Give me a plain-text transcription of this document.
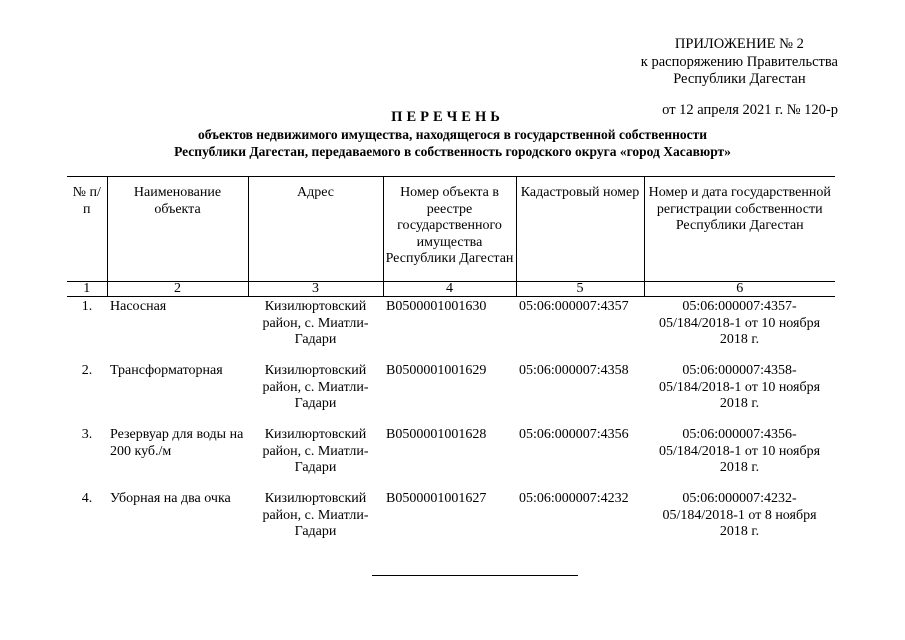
ПРИЛОЖЕНИЕ № 2
к распоряжению Правительства
Республики Дагестан
от 12 апреля 2021 г. № 120-р
ПЕРЕЧЕНЬ
объектов недвижимого имущества, находящегося в государственной собственности
Республики Дагестан, передаваемого в собственность городского округа «город Хасавюрт»
№ п/п	Наименование объекта	Адрес	Номер объекта в реестре государственного имущества Республики Дагестан	Кадастровый номер	Номер и дата государственной регистрации собственности Республики Дагестан
1	2	3	4	5	6
1.	Насосная	Кизилюртовский район, с. Миатли-Гадари	B0500001001630	05:06:000007:4357	05:06:000007:4357-05/184/2018-1 от 10 ноября 2018 г.
2.	Трансформаторная	Кизилюртовский район, с. Миатли-Гадари	B0500001001629	05:06:000007:4358	05:06:000007:4358-05/184/2018-1 от 10 ноября 2018 г.
3.	Резервуар для воды на 200 куб./м	Кизилюртовский район, с. Миатли-Гадари	B0500001001628	05:06:000007:4356	05:06:000007:4356-05/184/2018-1 от 10 ноября 2018 г.
4.	Уборная на два очка	Кизилюртовский район, с. Миатли-Гадари	B0500001001627	05:06:000007:4232	05:06:000007:4232-05/184/2018-1 от 8 ноября 2018 г.
